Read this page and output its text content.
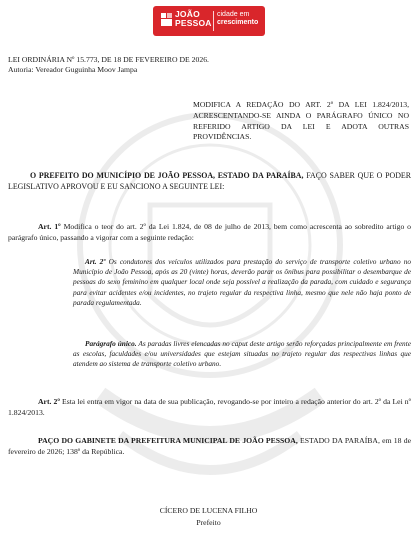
JOÃO
PESSOA
cidade em
crescimento
LEI ORDINÁRIA Nº 15.773, DE 18 DE FEVEREIRO DE 2026.
Autoria: Vereador Guguinha Moov Jampa
MODIFICA A REDAÇÃO DO ART. 2º DA LEI 1.824/2013, ACRESCENTANDO-SE AINDA O PARÁGRAFO ÚNICO NO REFERIDO ARTIGO DA LEI E ADOTA OUTRAS PROVIDÊNCIAS.
O PREFEITO DO MUNICÍPIO DE JOÃO PESSOA, ESTADO DA PARAÍBA, FAÇO SABER QUE O PODER LEGISLATIVO APROVOU E EU SANCIONO A SEGUINTE LEI:
Art. 1º Modifica o teor do art. 2º da Lei 1.824, de 08 de julho de 2013, bem como acrescenta ao sobredito artigo o parágrafo único, passando a vigorar com a seguinte redação:
Art. 2º Os condutores dos veículos utilizados para prestação do serviço de transporte coletivo urbano no Município de João Pessoa, após as 20 (vinte) horas, deverão parar os ônibus para possibilitar o desembarque de pessoas do sexo feminino em qualquer local onde seja possível a realização da parada, com cuidado e segurança para evitar acidentes e/ou incidentes, no trajeto regular da respectiva linha, mesmo que nele não haja ponto de parada regulamentada.
Parágrafo único. As paradas livres elencadas no caput deste artigo serão reforçadas principalmente em frente as escolas, faculdades e/ou universidades que estejam situadas no trajeto regular das respectivas linhas que atendem ao sistema de transporte coletivo urbano.
Art. 2º Esta lei entra em vigor na data de sua publicação, revogando-se por inteiro a redação anterior do art. 2º da Lei nº 1.824/2013.
PAÇO DO GABINETE DA PREFEITURA MUNICIPAL DE JOÃO PESSOA, ESTADO DA PARAÍBA, em 18 de fevereiro de 2026; 138º da República.
CÍCERO DE LUCENA FILHO
Prefeito
